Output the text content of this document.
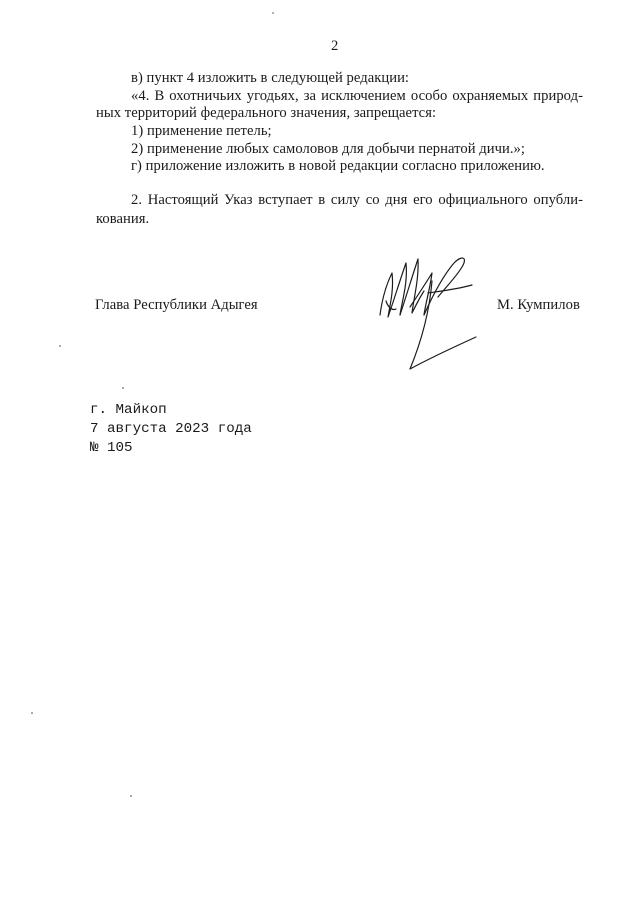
2
в) пункт 4 изложить в следующей редакции:
«4. В охотничьих угодьях, за исключением особо охраняемых природ-
ных территорий федерального значения, запрещается:
1) применение петель;
2) применение любых самоловов для добычи пернатой дичи.»;
г) приложение изложить в новой редакции согласно приложению.
2. Настоящий Указ вступает в силу со дня его официального опубли-
кования.
Глава Республики Адыгея	М. Кумпилов
г. Майкоп
7 августа 2023 года
№ 105
